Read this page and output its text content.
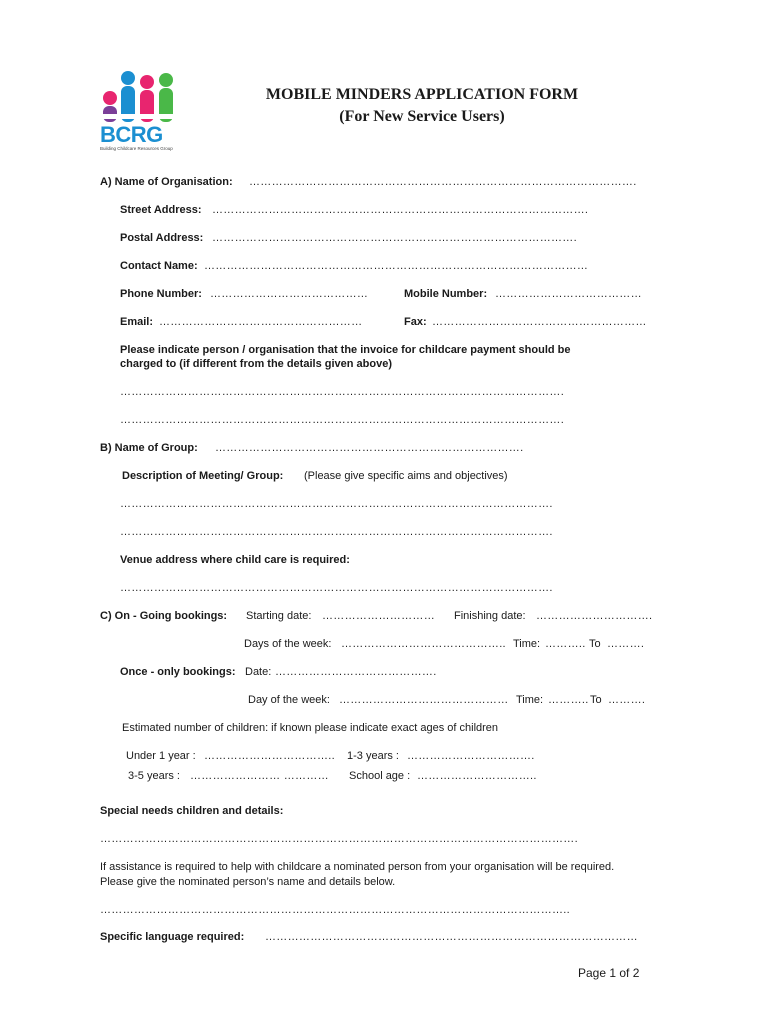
BCRG
Building Childcare Resources Group
MOBILE MINDERS APPLICATION FORM
(For New Service Users)
A) Name of Organisation: ………………………………………………………………………………………….
Street Address: ……………………………………………………………………………………….
Postal Address: …………………………………………………………………………………….
Contact Name: …………………………………………………………………………………………
Phone Number: ……………………………………	Mobile Number: …………………………………
Email: ………………………………………………	Fax: …………………………………………………
Please indicate person / organisation that the invoice for childcare payment should be
charged to (if different from the details given above)
……………………………………………………………………………………………………….
……………………………………………………………………………………………………….
B) Name of Group: ……………………………………………………………………….
Description of Meeting/ Group: (Please give specific aims and objectives)
…………………………………………………………………………………………………….
…………………………………………………………………………………………………….
Venue address where child care is required:
…………………………………………………………………………………………………….
C) On - Going bookings: Starting date: ………………………… Finishing date: ………………………….
Days of the week: …………………………………….. Time: ……….. To ……….
Once - only bookings: Date: …………………………………….
Day of the week: ……………………………………… Time: ……….. To ……….
Estimated number of children: if known please indicate exact ages of children
Under 1 year : …………………………….. 1-3 years : …………………………….
3-5 years : …………………… ………… School age : …………………………..
Special needs children and details:
……………………………………………………………………………………………………………….
If assistance is required to help with childcare a nominated person from your organisation will be required.
Please give the nominated person’s name and details below.
……………………………………………………………………………………………………………..
Specific language required: ………………………………………………………………………………………
Page 1 of 2
